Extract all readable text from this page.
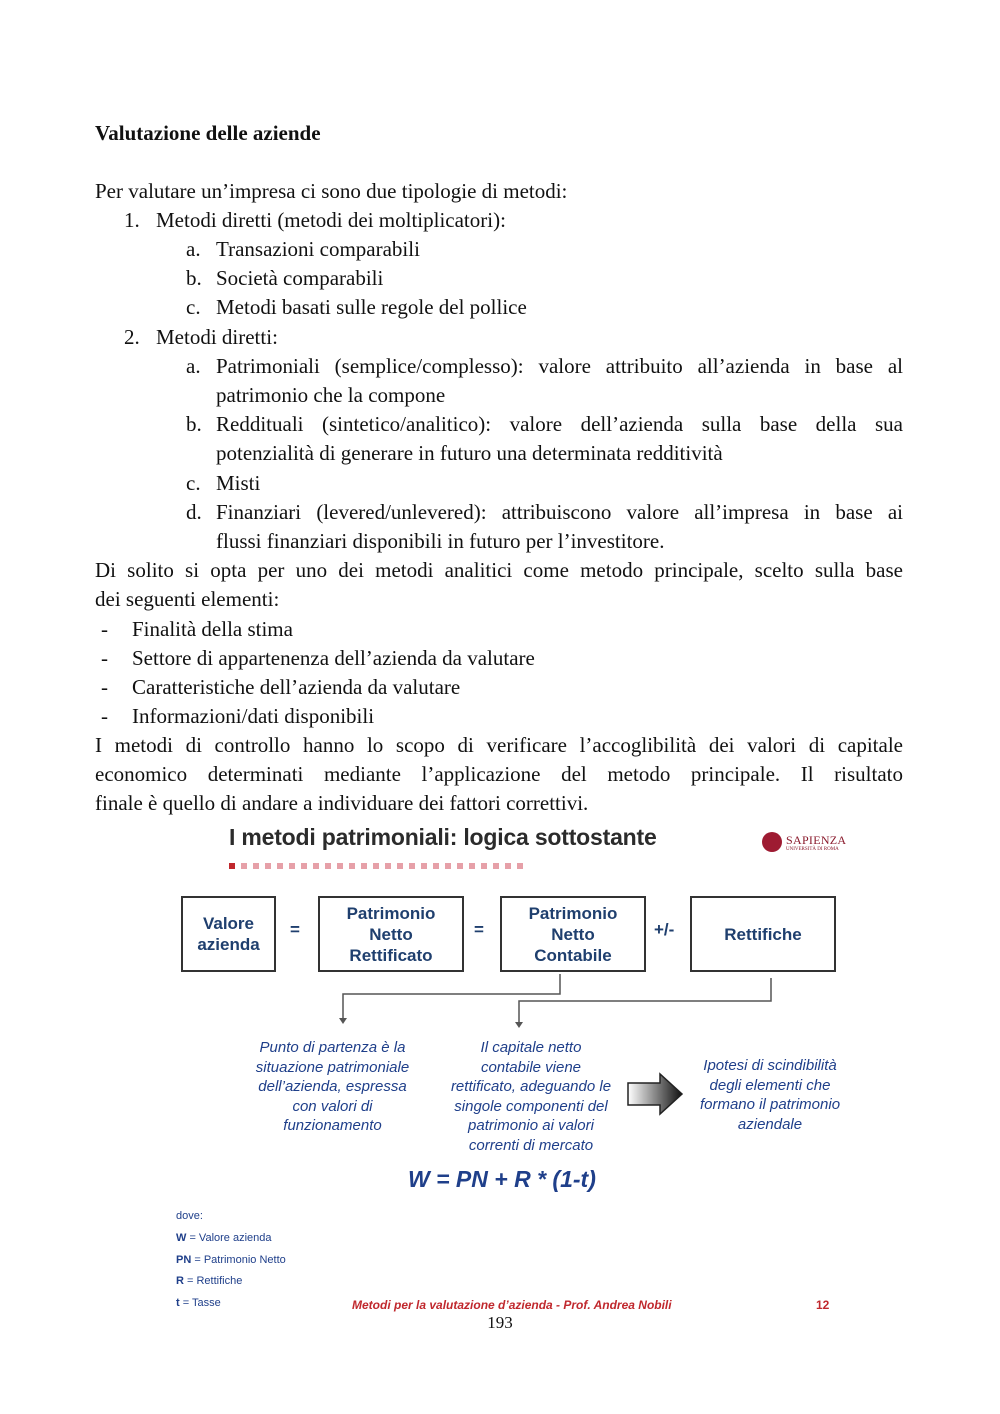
Valutazione delle aziende
Per valutare un’impresa ci sono due tipologie di metodi:
1. Metodi diretti (metodi dei moltiplicatori):
a. Transazioni comparabili
b. Società comparabili
c. Metodi basati sulle regole del pollice
2. Metodi diretti:
a. Patrimoniali (semplice/complesso): valore attribuito all’azienda in base al
patrimonio che la compone
b. Reddituali (sintetico/analitico): valore dell’azienda sulla base della sua
potenzialità di generare in futuro una determinata redditività
c. Misti
d. Finanziari (levered/unlevered): attribuiscono valore all’impresa in base ai
flussi finanziari disponibili in futuro per l’investitore.
Di solito si opta per uno dei metodi analitici come metodo principale, scelto sulla base
dei seguenti elementi:
- Finalità della stima
- Settore di appartenenza dell’azienda da valutare
- Caratteristiche dell’azienda da valutare
- Informazioni/dati disponibili
I metodi di controllo hanno lo scopo di verificare l’accoglibilità dei valori di capitale
economico determinati mediante l’applicazione del metodo principale. Il risultato
finale è quello di andare a individuare dei fattori correttivi.
I metodi patrimoniali: logica sottostante	SAPIENZA
UNIVERSITÀ DI ROMA
Valore
azienda
=
Patrimonio
Netto
Rettificato
=
Patrimonio
Netto
Contabile
+/-	Rettifiche
Punto di partenza è la
situazione patrimoniale
dell’azienda, espressa
con valori di
funzionamento
Il capitale netto
contabile viene
rettificato, adeguando le
singole componenti del
patrimonio ai valori
correnti di mercato
Ipotesi di scindibilità
degli elementi che
formano il patrimonio
aziendale
W = PN + R * (1-t)
dove:
W = Valore azienda
PN = Patrimonio Netto
R = Rettifiche
t = Tasse	Metodi per la valutazione d’azienda - Prof. Andrea Nobili	12
193
